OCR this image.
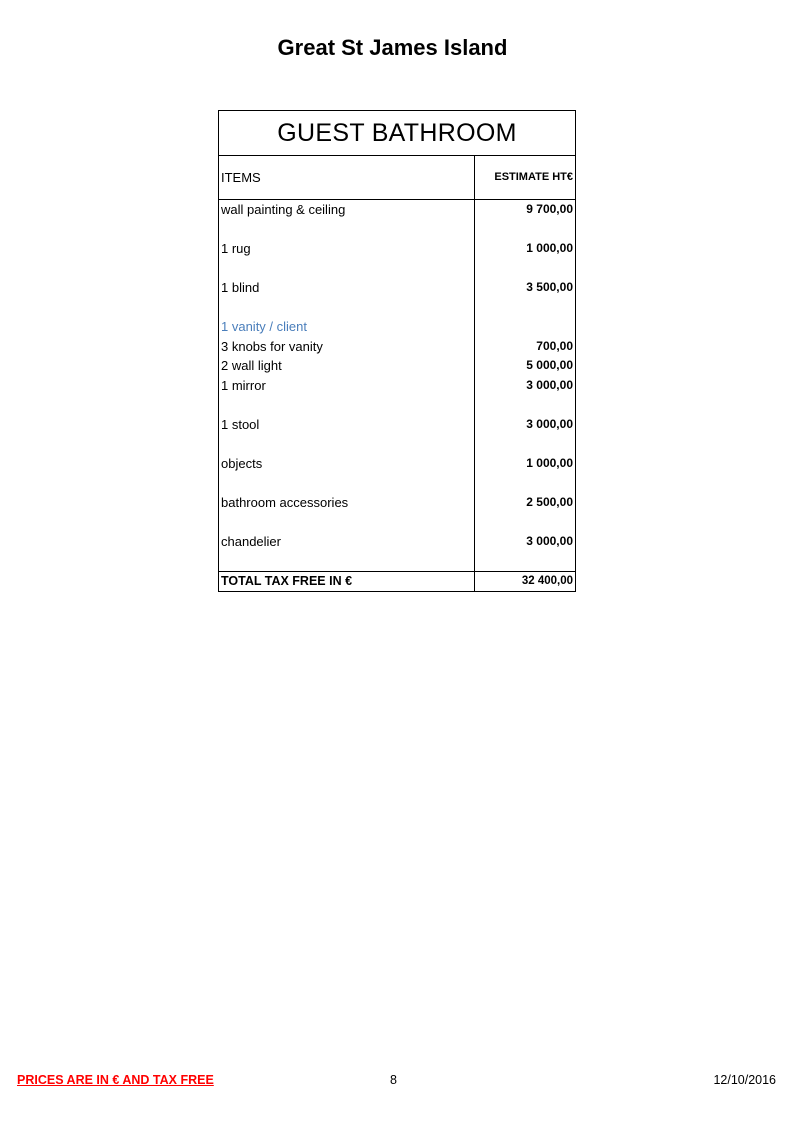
Great St James Island
GUEST BATHROOM
ITEMS	ESTIMATE HT€
wall painting & ceiling	9 700,00
1 rug	1 000,00
1 blind	3 500,00
1 vanity / client
3 knobs for vanity	700,00
2 wall light	5 000,00
1 mirror	3 000,00
1 stool	3 000,00
objects	1 000,00
bathroom accessories	2 500,00
chandelier	3 000,00
TOTAL TAX FREE IN €	32 400,00
PRICES ARE IN € AND TAX FREE	8	12/10/2016
